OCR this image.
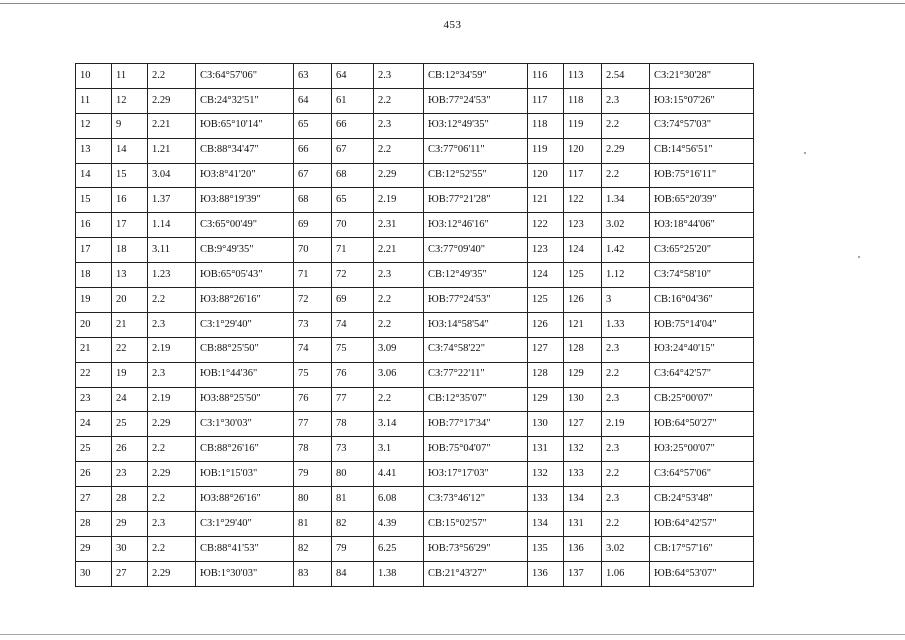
453
10	11	2.2	СЗ:64°57'06"	63	64	2.3	СВ:12°34'59"	116	113	2.54	СЗ:21°30'28"
11	12	2.29	СВ:24°32'51"	64	61	2.2	ЮВ:77°24'53"	117	118	2.3	ЮЗ:15°07'26"
12	9	2.21	ЮВ:65°10'14"	65	66	2.3	ЮЗ:12°49'35"	118	119	2.2	СЗ:74°57'03"
13	14	1.21	СВ:88°34'47"	66	67	2.2	СЗ:77°06'11"	119	120	2.29	СВ:14°56'51"
14	15	3.04	ЮЗ:8°41'20"	67	68	2.29	СВ:12°52'55"	120	117	2.2	ЮВ:75°16'11"
15	16	1.37	ЮЗ:88°19'39"	68	65	2.19	ЮВ:77°21'28"	121	122	1.34	ЮВ:65°20'39"
16	17	1.14	СЗ:65°00'49"	69	70	2.31	ЮЗ:12°46'16"	122	123	3.02	ЮЗ:18°44'06"
17	18	3.11	СВ:9°49'35"	70	71	2.21	СЗ:77°09'40"	123	124	1.42	СЗ:65°25'20"
18	13	1.23	ЮВ:65°05'43"	71	72	2.3	СВ:12°49'35"	124	125	1.12	СЗ:74°58'10"
19	20	2.2	ЮЗ:88°26'16"	72	69	2.2	ЮВ:77°24'53"	125	126	3	СВ:16°04'36"
20	21	2.3	СЗ:1°29'40"	73	74	2.2	ЮЗ:14°58'54"	126	121	1.33	ЮВ:75°14'04"
21	22	2.19	СВ:88°25'50"	74	75	3.09	СЗ:74°58'22"	127	128	2.3	ЮЗ:24°40'15"
22	19	2.3	ЮВ:1°44'36"	75	76	3.06	СЗ:77°22'11"	128	129	2.2	СЗ:64°42'57"
23	24	2.19	ЮЗ:88°25'50"	76	77	2.2	СВ:12°35'07"	129	130	2.3	СВ:25°00'07"
24	25	2.29	СЗ:1°30'03"	77	78	3.14	ЮВ:77°17'34"	130	127	2.19	ЮВ:64°50'27"
25	26	2.2	СВ:88°26'16"	78	73	3.1	ЮВ:75°04'07"	131	132	2.3	ЮЗ:25°00'07"
26	23	2.29	ЮВ:1°15'03"	79	80	4.41	ЮЗ:17°17'03"	132	133	2.2	СЗ:64°57'06"
27	28	2.2	ЮЗ:88°26'16"	80	81	6.08	СЗ:73°46'12"	133	134	2.3	СВ:24°53'48"
28	29	2.3	СЗ:1°29'40"	81	82	4.39	СВ:15°02'57"	134	131	2.2	ЮВ:64°42'57"
29	30	2.2	СВ:88°41'53"	82	79	6.25	ЮВ:73°56'29"	135	136	3.02	СВ:17°57'16"
30	27	2.29	ЮВ:1°30'03"	83	84	1.38	СВ:21°43'27"	136	137	1.06	ЮВ:64°53'07"
